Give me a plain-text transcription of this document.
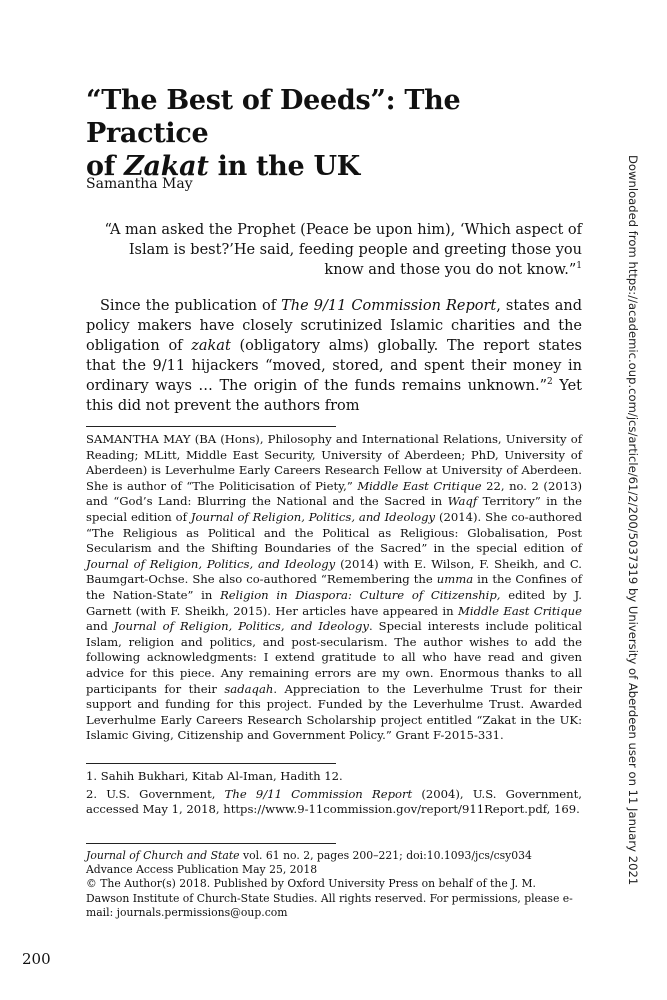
“The Best of Deeds”: The Practice
of Zakat in the UK

Samantha May

“A man asked the Prophet (Peace be upon him), ‘Which aspect of Islam is best?’He said, feeding people and greeting those you know and those you do not know.”$^1$

Since the publication of The 9/11 Commission Report, states and policy makers have closely scrutinized Islamic charities and the obligation of zakat (obligatory alms) globally. The report states that the 9/11 hijackers “moved, stored, and spent their money in ordinary ways … The origin of the funds remains unknown.”$^2$ Yet this did not prevent the authors from

SAMANTHA MAY (BA (Hons), Philosophy and International Relations, University of Reading; MLitt, Middle East Security, University of Aberdeen; PhD, University of Aberdeen) is Leverhulme Early Careers Research Fellow at University of Aberdeen. She is author of “The Politicisation of Piety,” Middle East Critique 22, no. 2 (2013) and “God’s Land: Blurring the National and the Sacred in Waqf Territory” in the special edition of Journal of Religion, Politics, and Ideology (2014). She co-authored “The Religious as Political and the Political as Religious: Globalisation, Post Secularism and the Shifting Boundaries of the Sacred” in the special edition of Journal of Religion, Politics, and Ideology (2014) with E. Wilson, F. Sheikh, and C. Baumgart-Ochse. She also co-authored “Remembering the umma in the Confines of the Nation-State” in Religion in Diaspora: Culture of Citizenship, edited by J. Garnett (with F. Sheikh, 2015). Her articles have appeared in Middle East Critique and Journal of Religion, Politics, and Ideology. Special interests include political Islam, religion and politics, and post-secularism. The author wishes to add the following acknowledgments: I extend gratitude to all who have read and given advice for this piece. Any remaining errors are my own. Enormous thanks to all participants for their sadaqah. Appreciation to the Leverhulme Trust for their support and funding for this project. Funded by the Leverhulme Trust. Awarded Leverhulme Early Careers Research Scholarship project entitled “Zakat in the UK: Islamic Giving, Citizenship and Government Policy.” Grant F-2015-331.

1. Sahih Bukhari, Kitab Al-Iman, Hadith 12.
2. U.S. Government, The 9/11 Commission Report (2004), U.S. Government, accessed May 1, 2018, https://www.9-11commission.gov/report/911Report.pdf, 169.
Journal of Church and State vol. 61 no. 2, pages 200–221; doi:10.1093/jcs/csy034
Advance Access Publication May 25, 2018
© The Author(s) 2018. Published by Oxford University Press on behalf of the J. M. Dawson Institute of Church-State Studies. All rights reserved. For permissions, please e-mail: journals.permissions@oup.com

200

Downloaded from https://academic.oup.com/jcs/article/61/2/200/5037319 by University of Aberdeen user on 11 January 2021
